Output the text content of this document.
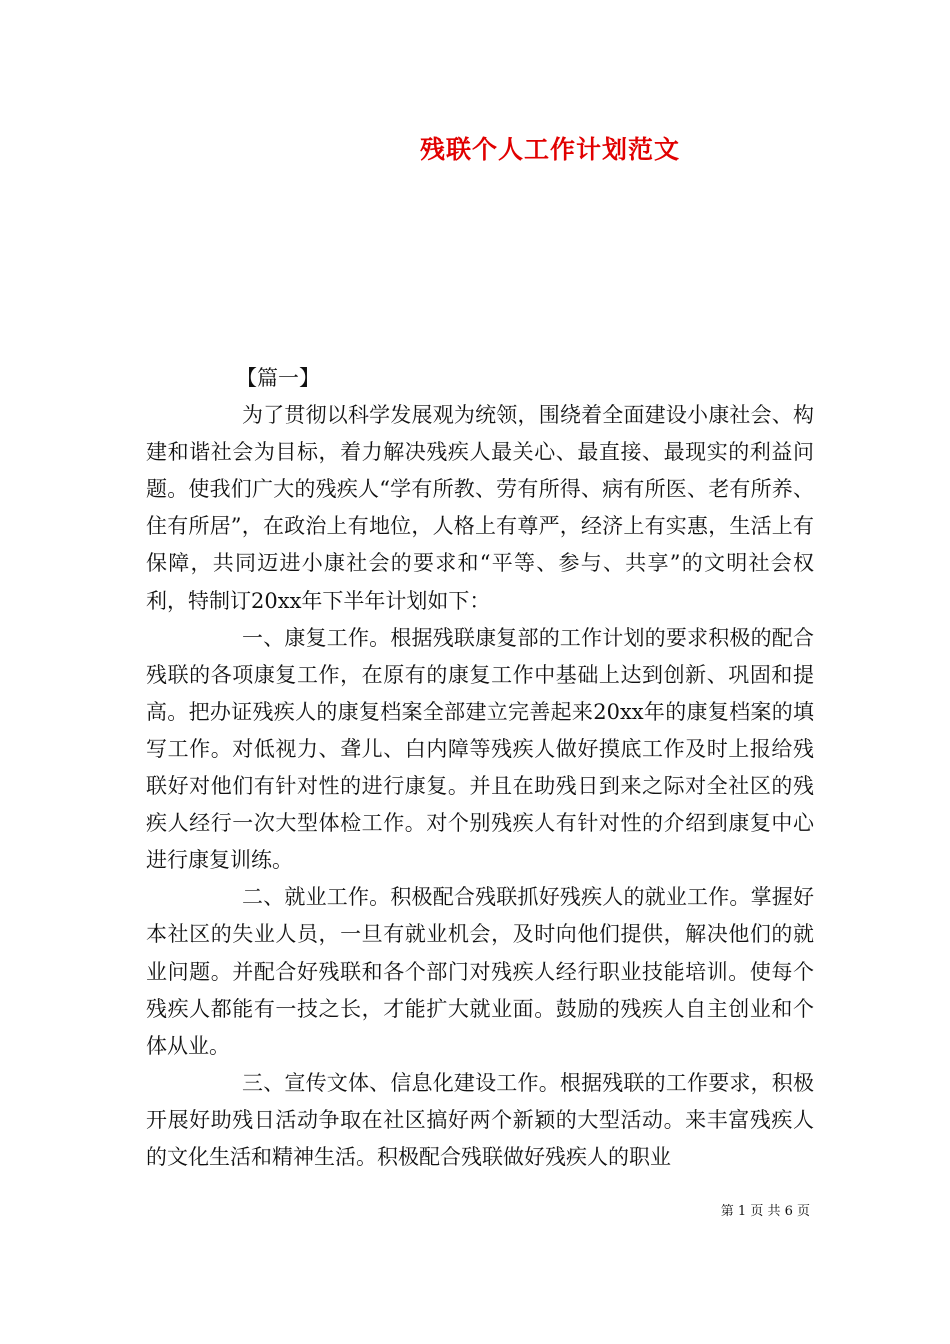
残联个人工作计划范文

【篇一】

为了贯彻以科学发展观为统领，围绕着全面建设小康社会、构建和谐社会为目标，着力解决残疾人最关心、最直接、最现实的利益问题。使我们广大的残疾人“学有所教、劳有所得、病有所医、老有所养、住有所居”，在政治上有地位，人格上有尊严，经济上有实惠，生活上有保障，共同迈进小康社会的要求和“平等、参与、共享”的文明社会权利，特制订20xx年下半年计划如下：

一、康复工作。根据残联康复部的工作计划的要求积极的配合残联的各项康复工作，在原有的康复工作中基础上达到创新、巩固和提高。把办证残疾人的康复档案全部建立完善起来20xx年的康复档案的填写工作。对低视力、聋儿、白内障等残疾人做好摸底工作及时上报给残联好对他们有针对性的进行康复。并且在助残日到来之际对全社区的残疾人经行一次大型体检工作。对个别残疾人有针对性的介绍到康复中心进行康复训练。

二、就业工作。积极配合残联抓好残疾人的就业工作。掌握好本社区的失业人员，一旦有就业机会，及时向他们提供，解决他们的就业问题。并配合好残联和各个部门对残疾人经行职业技能培训。使每个残疾人都能有一技之长，才能扩大就业面。鼓励的残疾人自主创业和个体从业。

三、宣传文体、信息化建设工作。根据残联的工作要求，积极开展好助残日活动争取在社区搞好两个新颖的大型活动。来丰富残疾人的文化生活和精神生活。积极配合残联做好残疾人的职业

第 1 页 共 6 页
